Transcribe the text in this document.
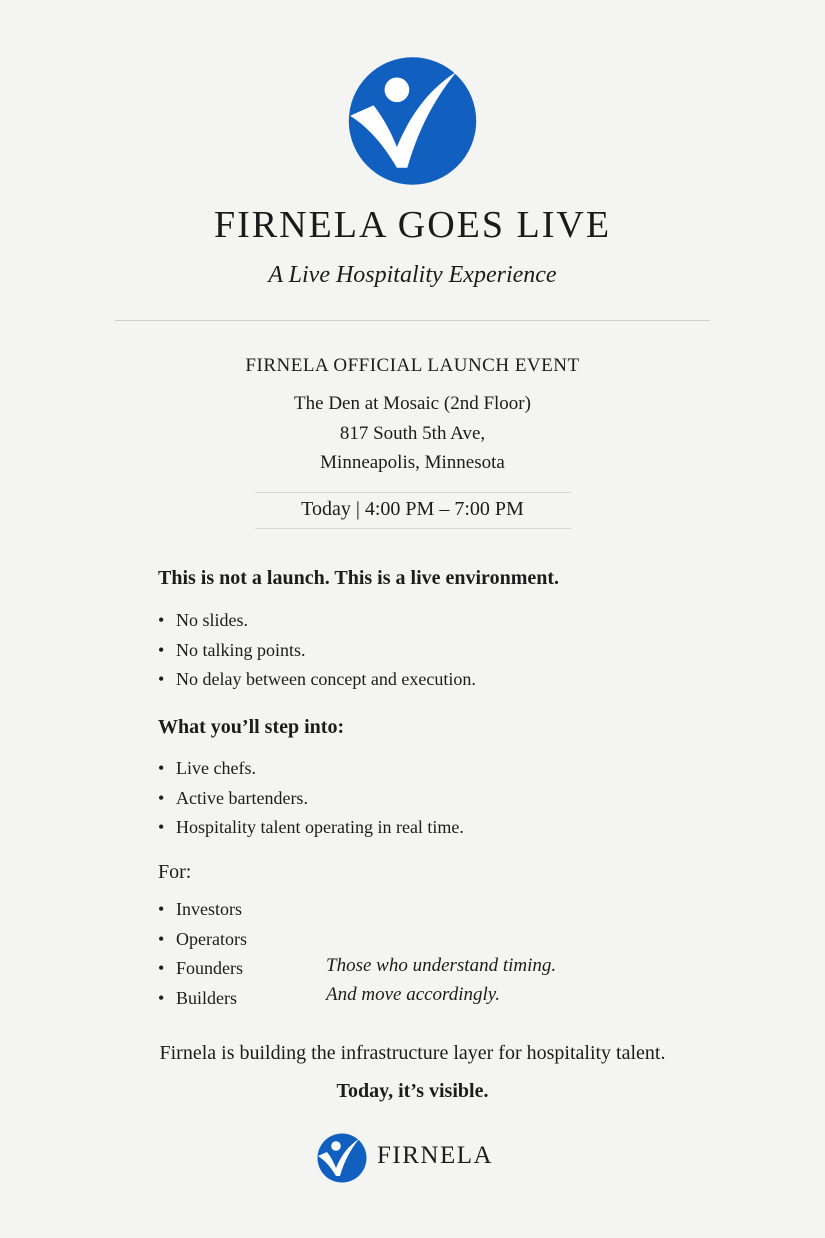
FIRNELA GOES LIVE
A Live Hospitality Experience
FIRNELA OFFICIAL LAUNCH EVENT
The Den at Mosaic (2nd Floor)
817 South 5th Ave,
Minneapolis, Minnesota
Today | 4:00 PM – 7:00 PM
This is not a launch. This is a live environment.
• No slides.
• No talking points.
• No delay between concept and execution.
What you’ll step into:
• Live chefs.
• Active bartenders.
• Hospitality talent operating in real time.
For:
• Investors
• Operators
• Founders
• Builders
Those who understand timing.
And move accordingly.
Firnela is building the infrastructure layer for hospitality talent.
Today, it’s visible.
FIRNELA
